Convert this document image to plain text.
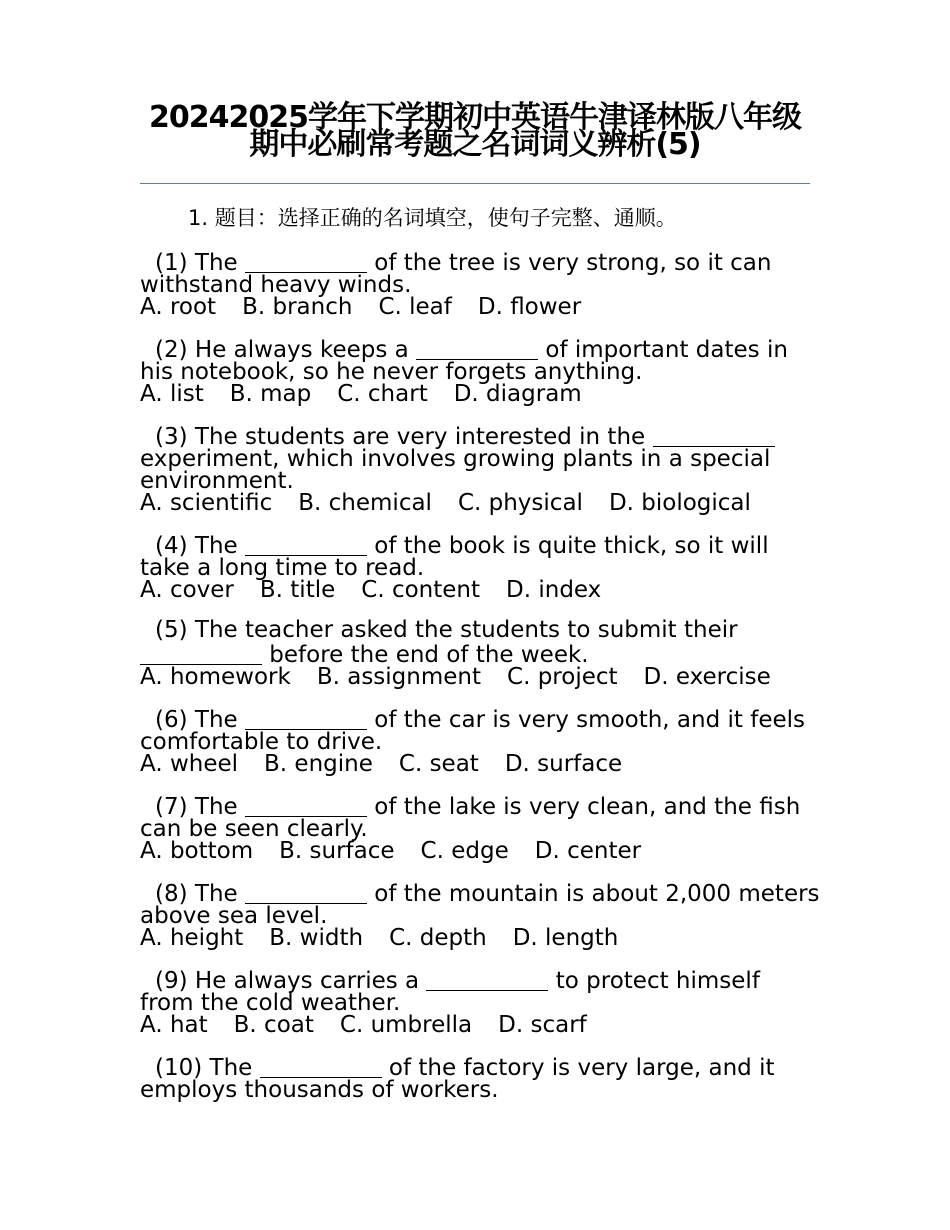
20242025学年下学期初中英语牛津译林版八年级期中必刷常考题之名词词义辨析(5)
1. 题目：选择正确的名词填空，使句子完整、通顺。

(1) The	of the tree is very strong, so it can withstand heavy winds.

A. root B. branch C. leaf D. flower

(2) He always keeps a	of important dates in his notebook, so he never forgets anything.

A. list B. map C. chart D. diagram

(3) The students are very interested in the  experiment, which involves growing plants in a special environment.

A. scientific B. chemical C. physical D. biological

(4) The	of the book is quite thick, so it will take a long time to read.

A. cover B. title C. content D. index

(5) The teacher asked the students to submit their  before the end of the week.

A. homework B. assignment C. project D. exercise

(6) The	of the car is very smooth, and it feels comfortable to drive.

A. wheel B. engine C. seat D. surface

(7) The	of the lake is very clean, and the fish can be seen clearly.

A. bottom B. surface C. edge D. center

(8) The	of the mountain is about 2,000 meters above sea level.

A. height B. width C. depth D. length

(9) He always carries a	to protect himself from the cold weather.

A. hat B. coat C. umbrella D. scarf

(10) The	of the factory is very large, and it employs thousands of workers.
